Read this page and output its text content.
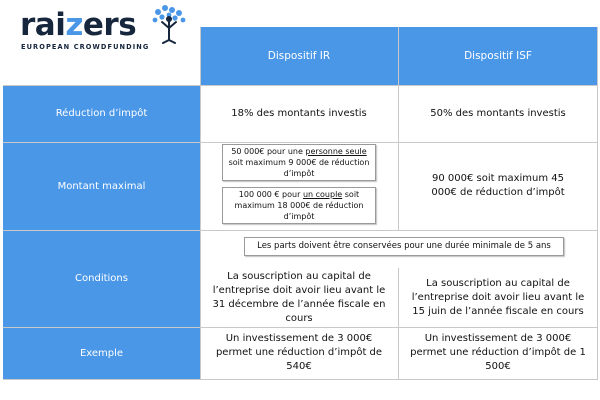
raizers
EUROPEAN CROWDFUNDING
Dispositif IR	Dispositif ISF
Réduction d’impôt
Montant maximal
Conditions
Exemple
18% des montants investis	50% des montants investis
50 000€ pour une personne seule soit maximum 9 000€ de réduction d’impôt
100 000 € pour un couple soit maximum 18 000€ de réduction d’impôt
90 000€ soit maximum 45 000€ de réduction d’impôt
Les parts doivent être conservées pour une durée minimale de 5 ans
La souscription au capital de l’entreprise doit avoir lieu avant le 31 décembre de l’année fiscale en cours
La souscription au capital de l’entreprise doit avoir lieu avant le 15 juin de l’année fiscale en cours
Un investissement de 3 000€ permet une réduction d’impôt de 540€
Un investissement de 3 000€ permet une réduction d’impôt de 1 500€
